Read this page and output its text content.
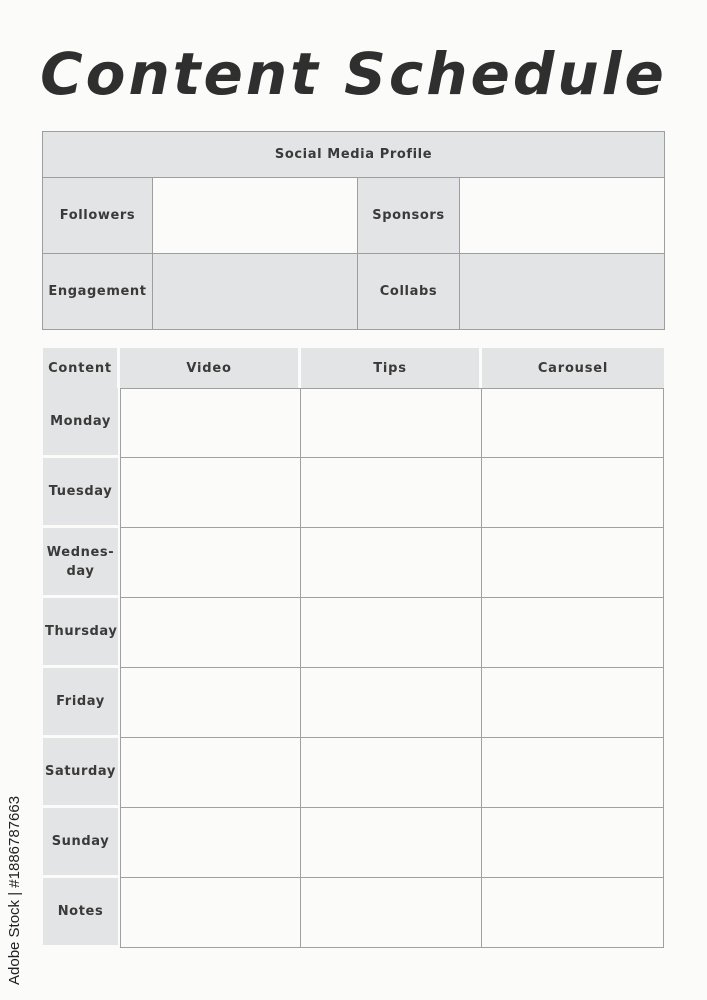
Content Schedule
Social Media Profile			
Followers		Sponsors	
Engagement		Collabs	
Content	Video	Tips	Carousel
Monday			
Tuesday			
Wednes-
day			
Thursday			
Friday			
Saturday			
Sunday			
Notes			
Adobe Stock | #1886787663
